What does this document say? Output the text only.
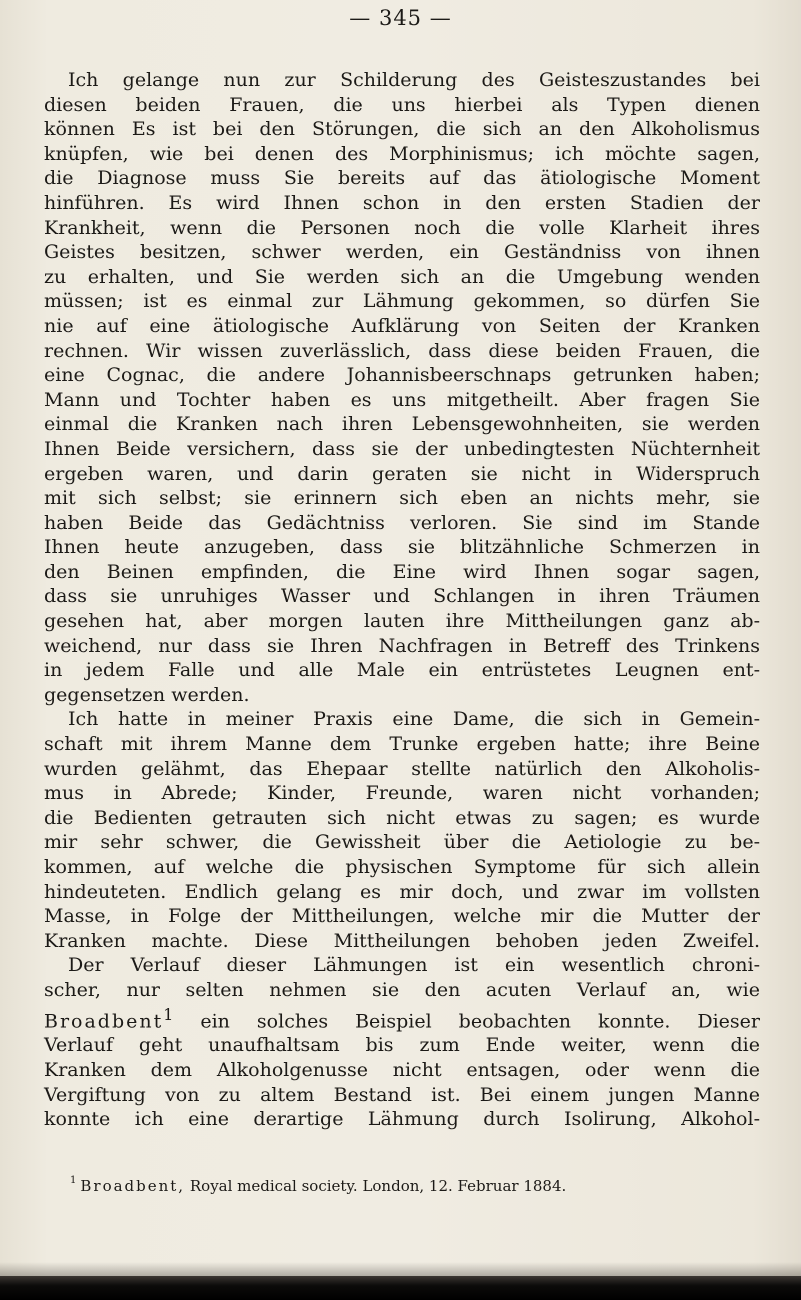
— 345 —
Ich gelange nun zur Schilderung des Geisteszustandes bei
diesen beiden Frauen, die uns hierbei als Typen dienen
können Es ist bei den Störungen, die sich an den Alkoholismus
knüpfen, wie bei denen des Morphinismus; ich möchte sagen,
die Diagnose muss Sie bereits auf das ätiologische Moment
hinführen. Es wird Ihnen schon in den ersten Stadien der
Krankheit, wenn die Personen noch die volle Klarheit ihres
Geistes besitzen, schwer werden, ein Geständniss von ihnen
zu erhalten, und Sie werden sich an die Umgebung wenden
müssen; ist es einmal zur Lähmung gekommen, so dürfen Sie
nie auf eine ätiologische Aufklärung von Seiten der Kranken
rechnen. Wir wissen zuverlässlich, dass diese beiden Frauen, die
eine Cognac, die andere Johannisbeerschnaps getrunken haben;
Mann und Tochter haben es uns mitgetheilt. Aber fragen Sie
einmal die Kranken nach ihren Lebensgewohnheiten, sie werden
Ihnen Beide versichern, dass sie der unbedingtesten Nüchternheit
ergeben waren, und darin geraten sie nicht in Widerspruch
mit sich selbst; sie erinnern sich eben an nichts mehr, sie
haben Beide das Gedächtniss verloren. Sie sind im Stande
Ihnen heute anzugeben, dass sie blitzähnliche Schmerzen in
den Beinen empfinden, die Eine wird Ihnen sogar sagen,
dass sie unruhiges Wasser und Schlangen in ihren Träumen
gesehen hat, aber morgen lauten ihre Mittheilungen ganz ab-
weichend, nur dass sie Ihren Nachfragen in Betreff des Trinkens
in jedem Falle und alle Male ein entrüstetes Leugnen ent-
gegensetzen werden.
Ich hatte in meiner Praxis eine Dame, die sich in Gemein-
schaft mit ihrem Manne dem Trunke ergeben hatte; ihre Beine
wurden gelähmt, das Ehepaar stellte natürlich den Alkoholis-
mus in Abrede; Kinder, Freunde, waren nicht vorhanden;
die Bedienten getrauten sich nicht etwas zu sagen; es wurde
mir sehr schwer, die Gewissheit über die Aetiologie zu be-
kommen, auf welche die physischen Symptome für sich allein
hindeuteten. Endlich gelang es mir doch, und zwar im vollsten
Masse, in Folge der Mittheilungen, welche mir die Mutter der
Kranken machte. Diese Mittheilungen behoben jeden Zweifel.
Der Verlauf dieser Lähmungen ist ein wesentlich chroni-
scher, nur selten nehmen sie den acuten Verlauf an, wie
Broadbent$^1$ ein solches Beispiel beobachten konnte. Dieser
Verlauf geht unaufhaltsam bis zum Ende weiter, wenn die
Kranken dem Alkoholgenusse nicht entsagen, oder wenn die
Vergiftung von zu altem Bestand ist. Bei einem jungen Manne
konnte ich eine derartige Lähmung durch Isolirung, Alkohol-
$^1$ Broadbent, Royal medical society. London, 12. Februar 1884.
